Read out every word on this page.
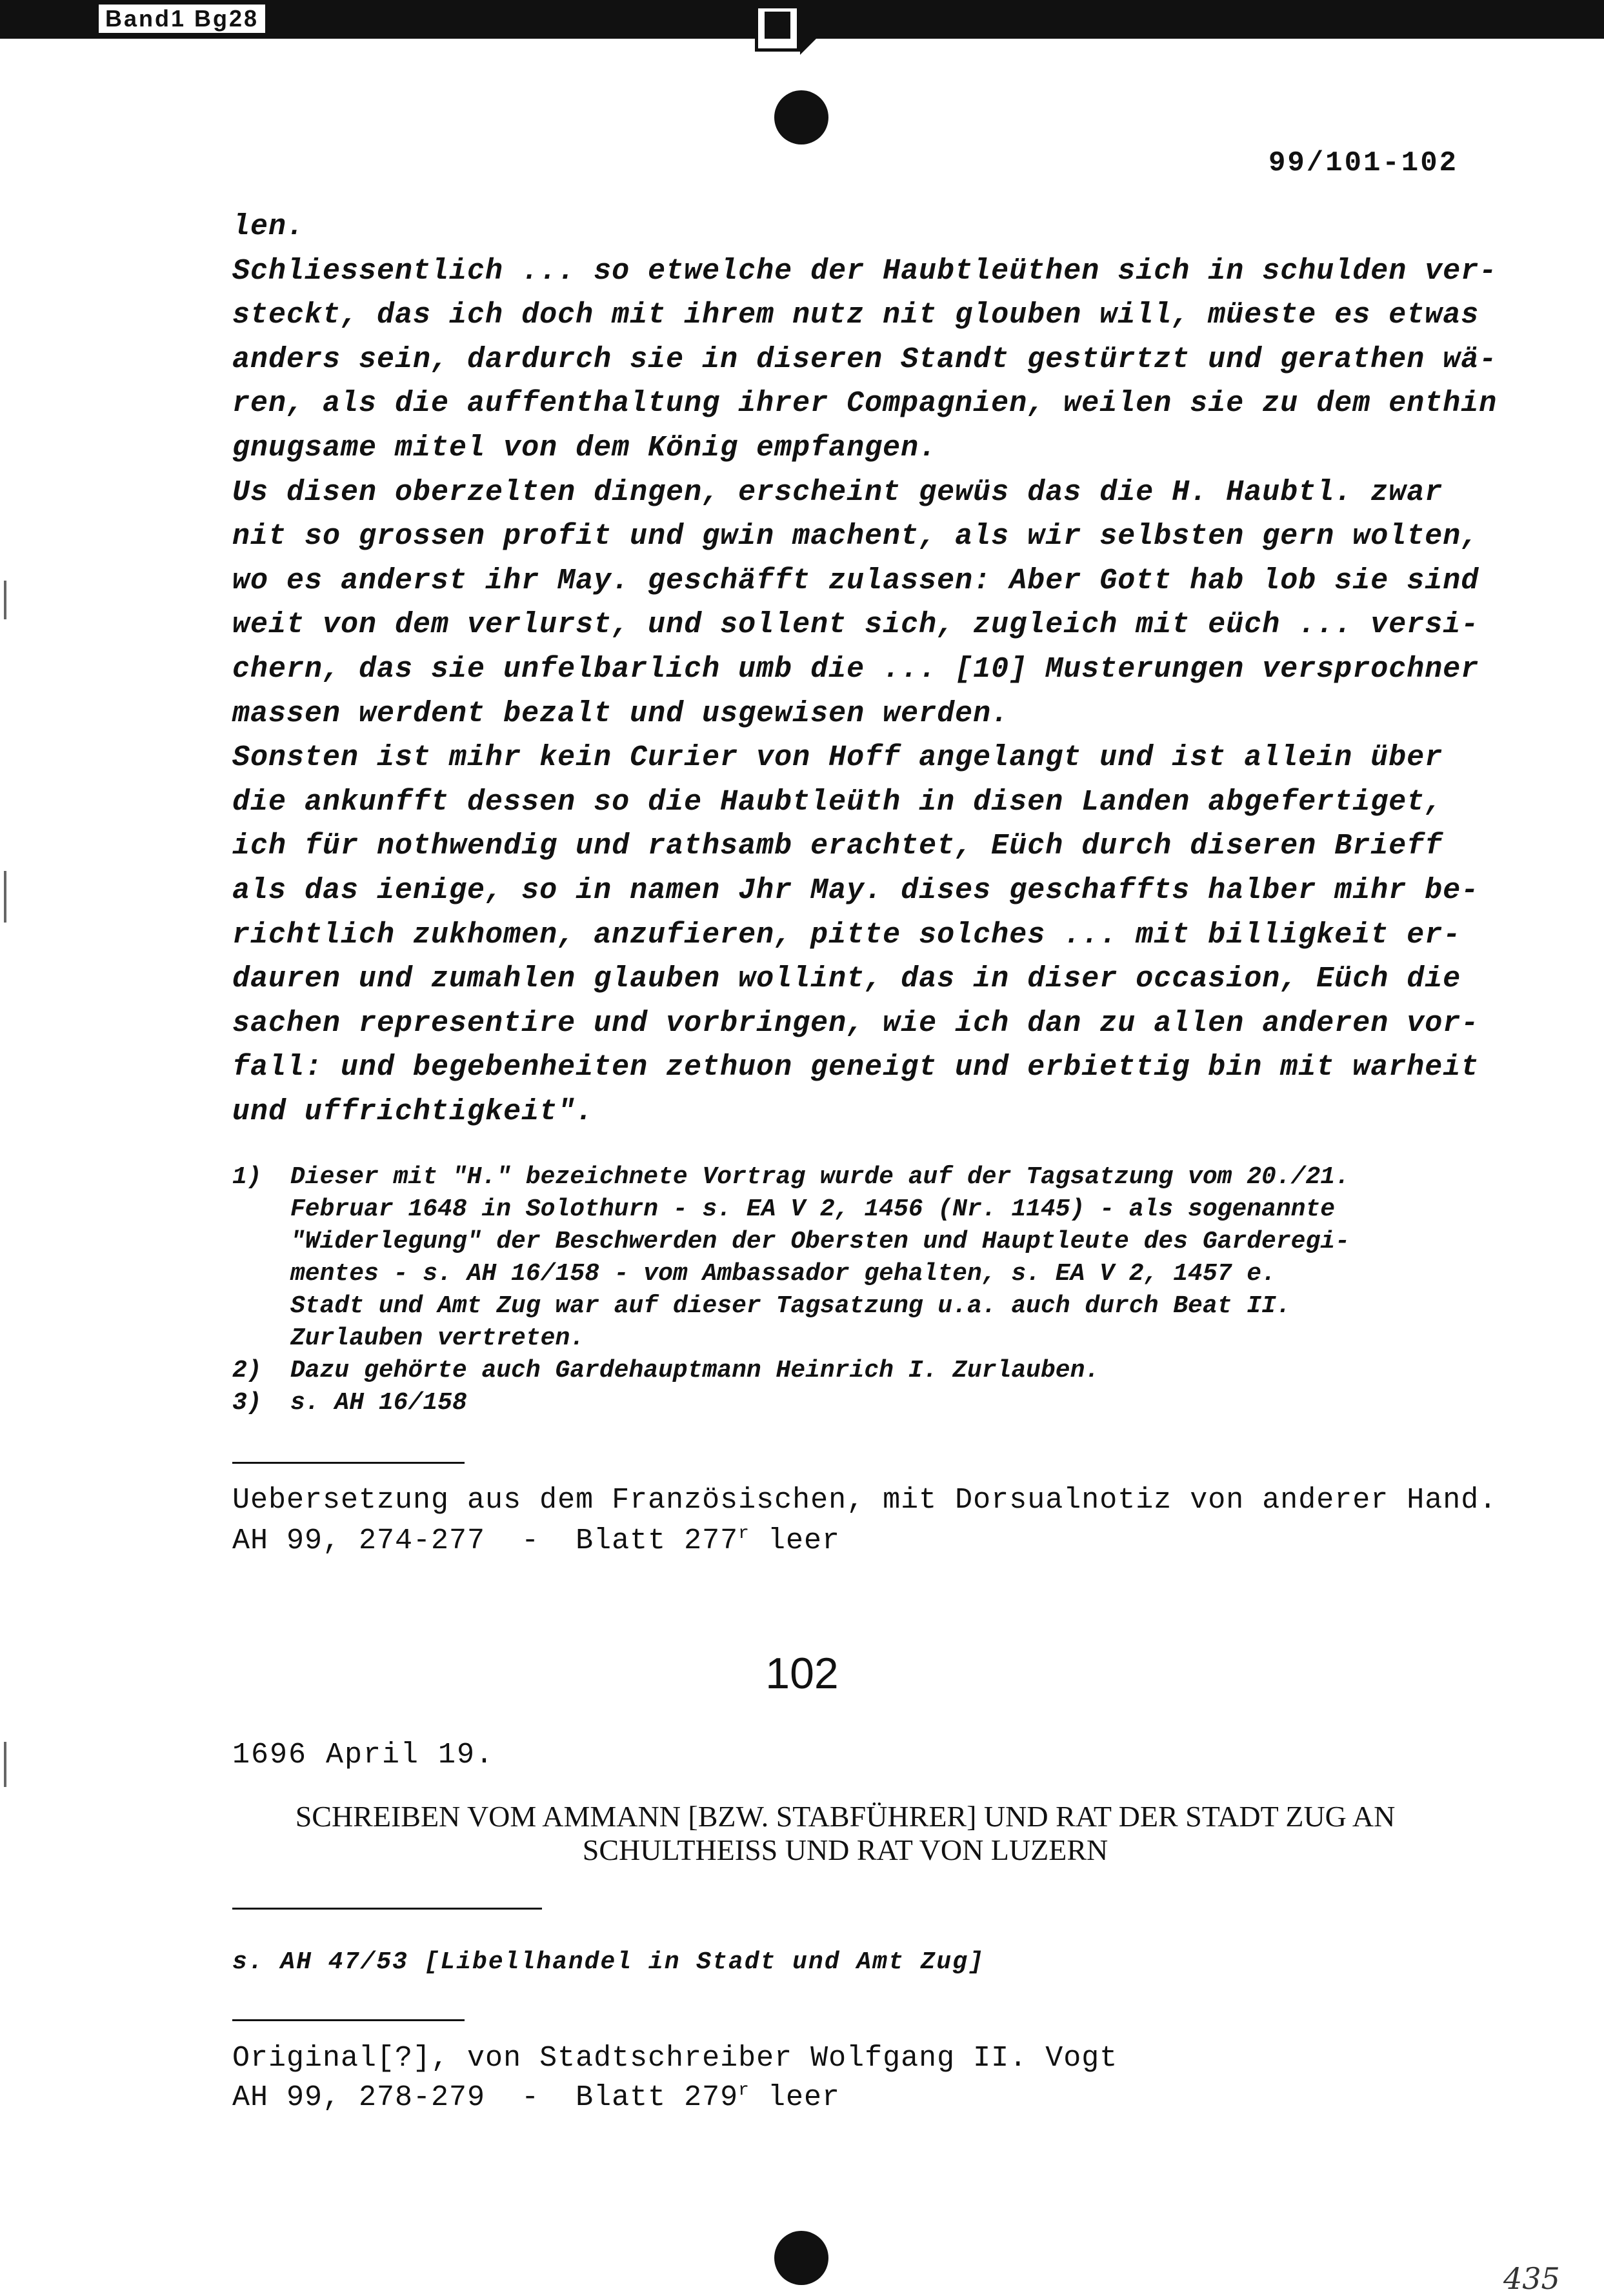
Band1 Bg28
99/101-102
len.
Schliessentlich ... so etwelche der Haubtleüthen sich in schulden ver-
steckt, das ich doch mit ihrem nutz nit glouben will, müeste es etwas
anders sein, dardurch sie in diseren Standt gestürtzt und gerathen wä-
ren, als die auffenthaltung ihrer Compagnien, weilen sie zu dem enthin
gnugsame mitel von dem König empfangen.
Us disen oberzelten dingen, erscheint gewüs das die H. Haubtl. zwar
nit so grossen profit und gwin machent, als wir selbsten gern wolten,
wo es anderst ihr May. geschäfft zulassen: Aber Gott hab lob sie sind
weit von dem verlurst, und sollent sich, zugleich mit eüch ... versi-
chern, das sie unfelbarlich umb die ... [10] Musterungen versprochner
massen werdent bezalt und usgewisen werden.
Sonsten ist mihr kein Curier von Hoff angelangt und ist allein über
die ankunfft dessen so die Haubtleüth in disen Landen abgefertiget,
ich für nothwendig und rathsamb erachtet, Eüch durch diseren Brieff
als das ienige, so in namen Jhr May. dises geschaffts halber mihr be-
richtlich zukhomen, anzufieren, pitte solches ... mit billigkeit er-
dauren und zumahlen glauben wollint, das in diser occasion, Eüch die
sachen representire und vorbringen, wie ich dan zu allen anderen vor-
fall: und begebenheiten zethuon geneigt und erbiettig bin mit warheit
und uffrichtigkeit".
1)	Dieser mit "H." bezeichnete Vortrag wurde auf der Tagsatzung vom 20./21.
Februar 1648 in Solothurn - s. EA V 2, 1456 (Nr. 1145) - als sogenannte
"Widerlegung" der Beschwerden der Obersten und Hauptleute des Garderegi-
mentes - s. AH 16/158 - vom Ambassador gehalten, s. EA V 2, 1457 e.
Stadt und Amt Zug war auf dieser Tagsatzung u.a. auch durch Beat II.
Zurlauben vertreten.
2)	Dazu gehörte auch Gardehauptmann Heinrich I. Zurlauben.
3)	s. AH 16/158
Uebersetzung aus dem Französischen, mit Dorsualnotiz von anderer Hand.
AH 99, 274-277  -  Blatt 277$^r$ leer
102
1696 April 19.
SCHREIBEN VOM AMMANN [BZW. STABFÜHRER] UND RAT DER STADT ZUG AN
SCHULTHEISS UND RAT VON LUZERN
s. AH 47/53 [Libellhandel in Stadt und Amt Zug]
Original[?], von Stadtschreiber Wolfgang II. Vogt
AH 99, 278-279  -  Blatt 279$^r$ leer
435
